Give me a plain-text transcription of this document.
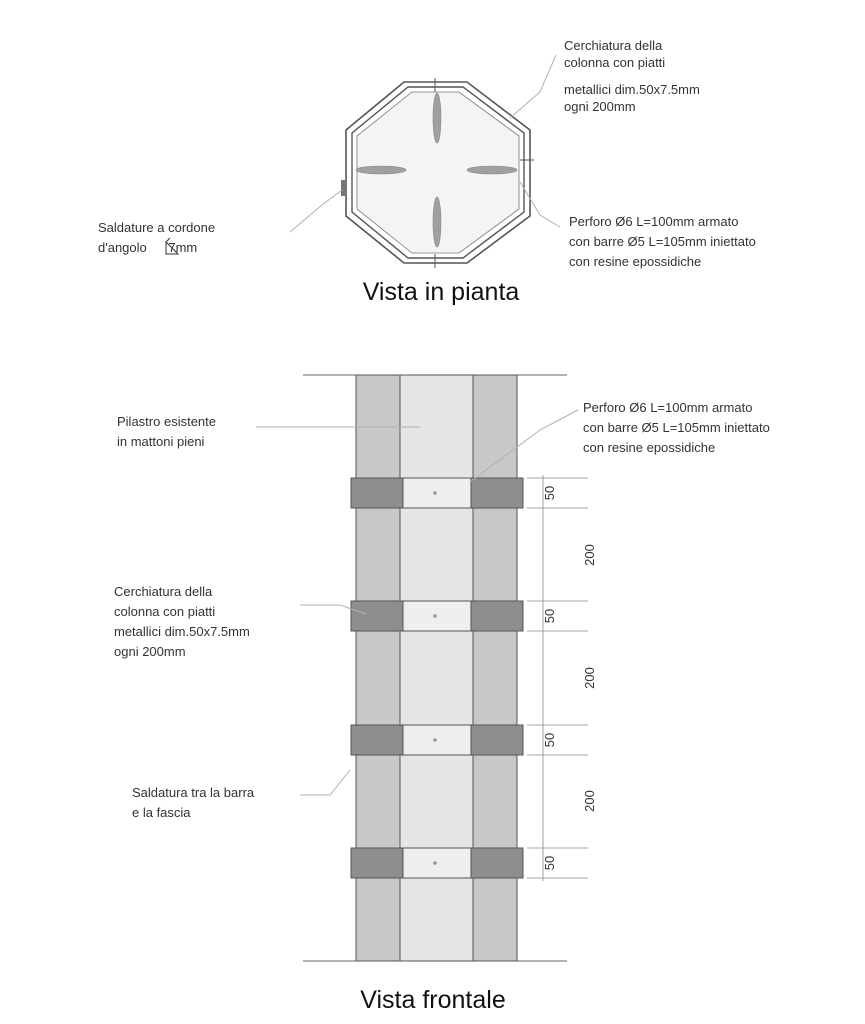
Cerchiatura della colonna con piatti metallici dim.50x7.5mm ogni 200mm
Saldature a cordone d'angolo 7mm
Perforo Ø6 L=100mm armato con barre Ø5 L=105mm iniettato con resine epossidiche
Vista in pianta
50
200
50
200
50
200
50
Pilastro esistente in mattoni pieni
Perforo Ø6 L=100mm armato con barre Ø5 L=105mm iniettato con resine epossidiche
Cerchiatura della colonna con piatti metallici dim.50x7.5mm ogni 200mm
Saldatura tra la barra e la fascia
Vista frontale
